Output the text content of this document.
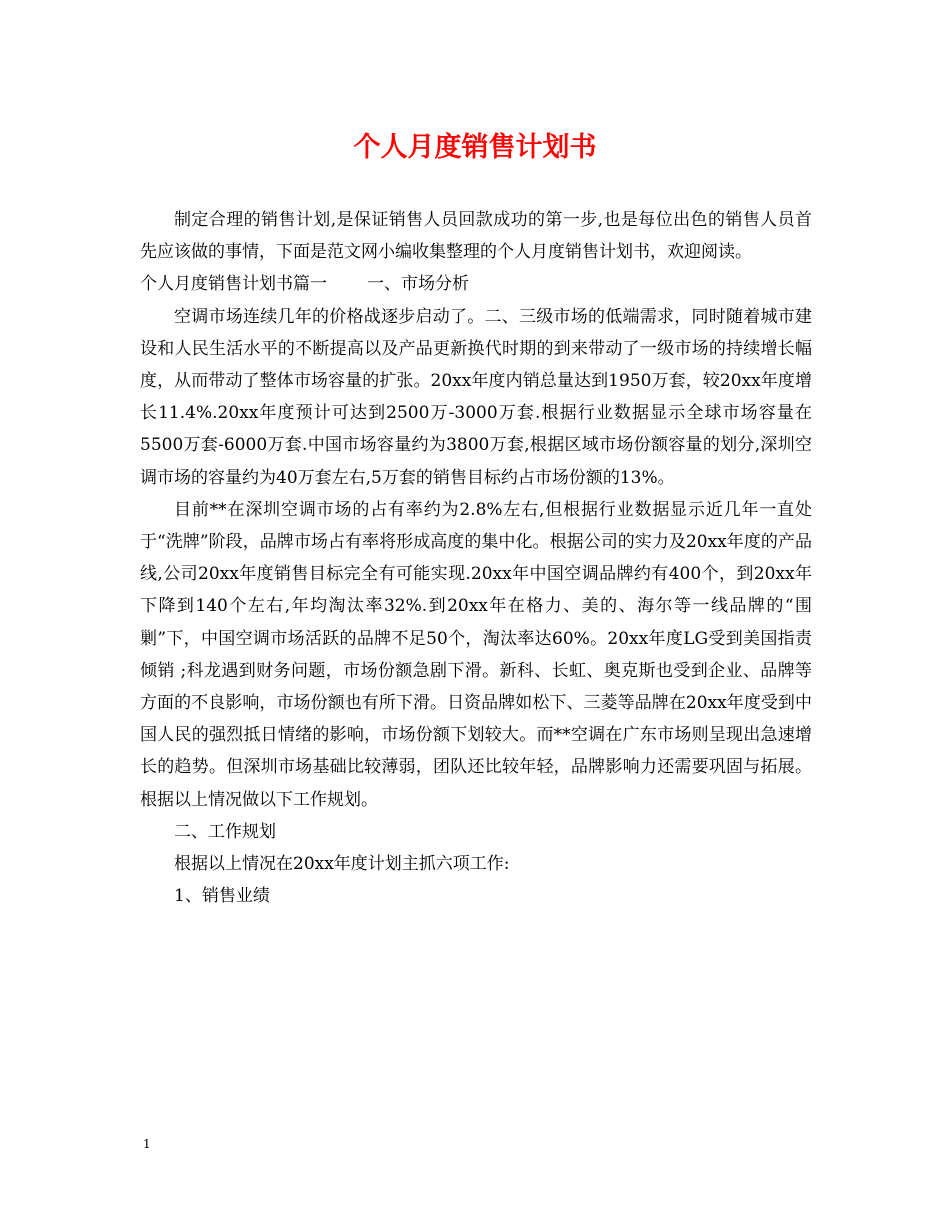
个人月度销售计划书

制定合理的销售计划,是保证销售人员回款成功的第一步,也是每位出色的销售人员首先应该做的事情，下面是范文网小编收集整理的个人月度销售计划书，欢迎阅读。

个人月度销售计划书篇一 一、市场分析

空调市场连续几年的价格战逐步启动了。二、三级市场的低端需求，同时随着城市建设和人民生活水平的不断提高以及产品更新换代时期的到来带动了一级市场的持续增长幅度，从而带动了整体市场容量的扩张。20xx年度内销总量达到1950万套，较20xx年度增长11.4%.20xx年度预计可达到2500万-3000万套.根据行业数据显示全球市场容量在5500万套-6000万套.中国市场容量约为3800万套,根据区域市场份额容量的划分,深圳空调市场的容量约为40万套左右,5万套的销售目标约占市场份额的13%。

目前**在深圳空调市场的占有率约为2.8%左右,但根据行业数据显示近几年一直处于“洗牌”阶段，品牌市场占有率将形成高度的集中化。根据公司的实力及20xx年度的产品线,公司20xx年度销售目标完全有可能实现.20xx年中国空调品牌约有400个，到20xx年下降到140个左右,年均淘汰率32%.到20xx年在格力、美的、海尔等一线品牌的“围剿”下，中国空调市场活跃的品牌不足50个，淘汰率达60%。20xx年度LG受到美国指责 倾销 ;科龙遇到财务问题，市场份额急剧下滑。新科、长虹、奥克斯也受到企业、品牌等方面的不良影响，市场份额也有所下滑。日资品牌如松下、三菱等品牌在20xx年度受到中国人民的强烈抵日情绪的影响，市场份额下划较大。而**空调在广东市场则呈现出急速增长的趋势。但深圳市场基础比较薄弱，团队还比较年轻，品牌影响力还需要巩固与拓展。根据以上情况做以下工作规划。

二、工作规划

根据以上情况在20xx年度计划主抓六项工作:

1、销售业绩

1
